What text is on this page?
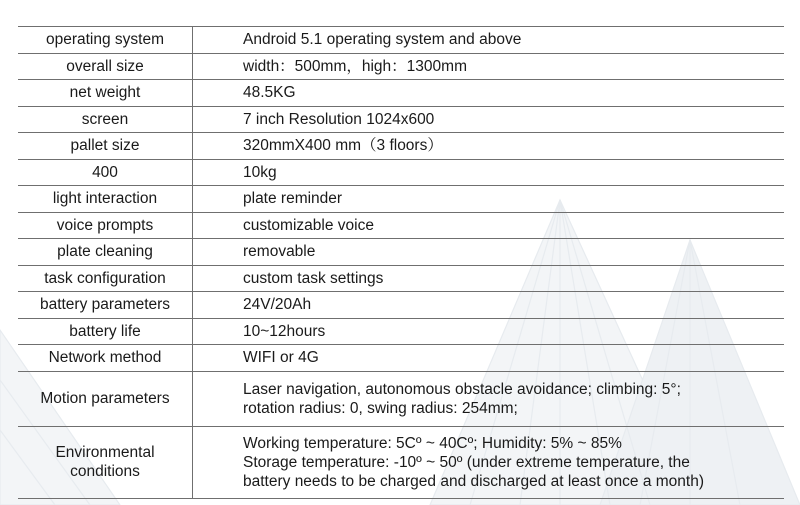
operating system	Android 5.1 operating system and above
overall size	width：500mm，high：1300mm
net weight	48.5KG
screen	7 inch Resolution 1024x600
pallet size	320mmX400 mm（3 floors）
400	10kg
light interaction	plate reminder
voice prompts	customizable voice
plate cleaning	removable
task configuration	custom task settings
battery parameters	24V/20Ah
battery life	10~12hours
Network method	WIFI or 4G
Motion parameters	Laser navigation, autonomous obstacle avoidance; climbing: 5°;
rotation radius: 0, swing radius: 254mm;

Environmental
conditions	Working temperature: 5Cº ~ 40Cº; Humidity: 5% ~ 85%
Storage temperature: -10º ~ 50º (under extreme temperature, the
battery needs to be charged and discharged at least once a month)
